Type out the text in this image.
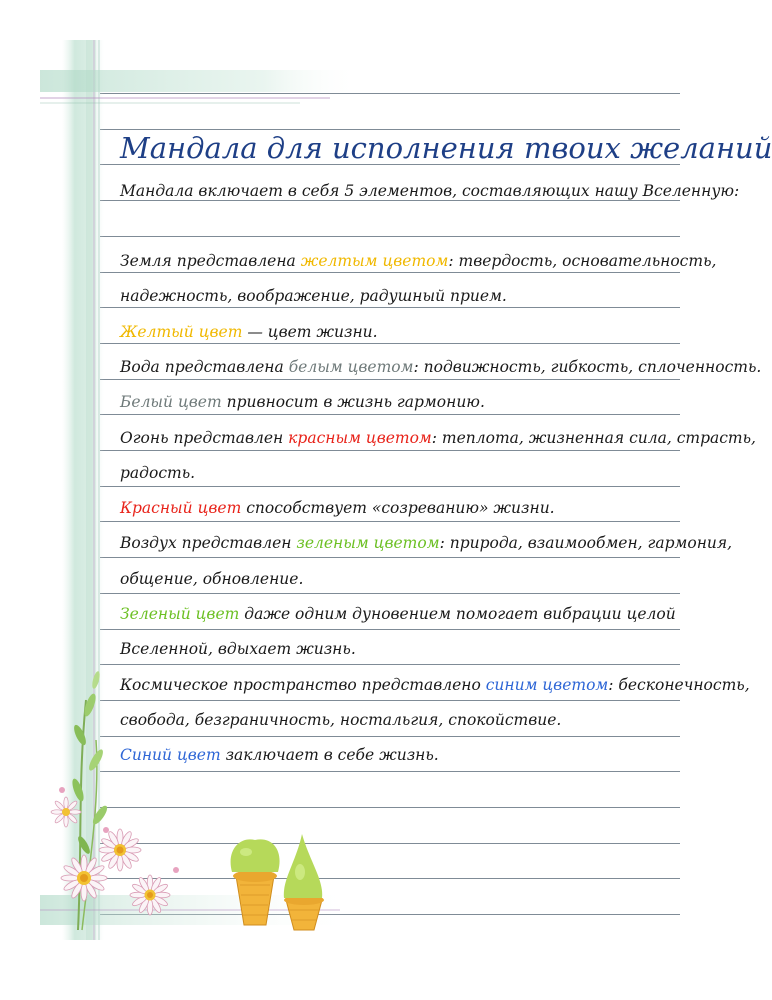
Мандала для исполнения твоих желаний
Мандала включает в себя 5 элементов, составляющих нашу Вселенную:
Земля представлена желтым цветом: твердость, основательность,
надежность, воображение, радушный прием.
Желтый цвет — цвет жизни.
Вода представлена белым цветом: подвижность, гибкость, сплоченность.
Белый цвет привносит в жизнь гармонию.
Огонь представлен красным цветом: теплота, жизненная сила, страсть,
радость.
Красный цвет способствует «созреванию» жизни.
Воздух представлен зеленым цветом: природа, взаимообмен, гармония,
общение, обновление.
Зеленый цвет даже одним дуновением помогает вибрации целой
Вселенной, вдыхает жизнь.
Космическое пространство представлено синим цветом: бесконечность,
свобода, безграничность, ностальгия, спокойствие.
Синий цвет заключает в себе жизнь.
